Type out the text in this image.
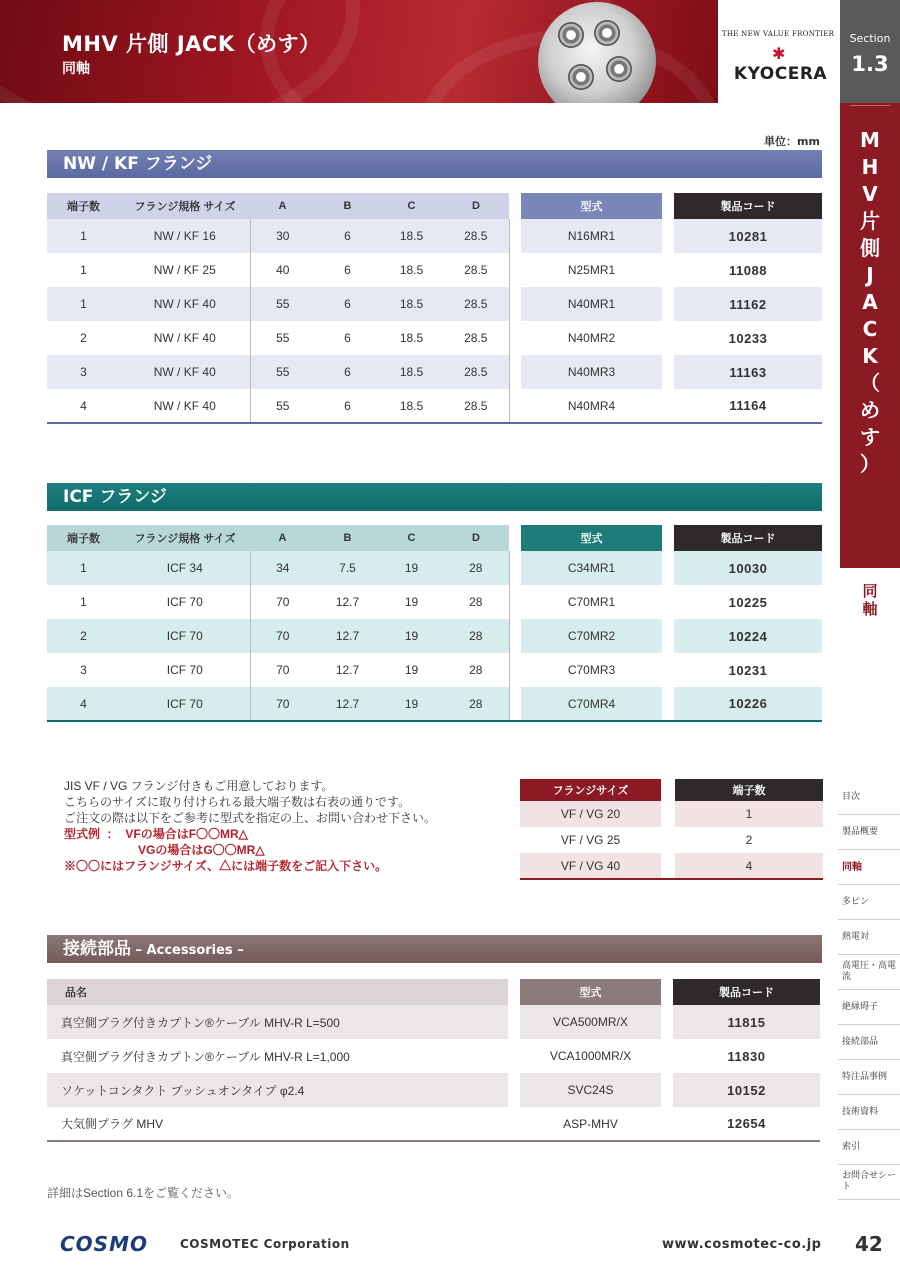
MHV 片側 JACK（めす）
同軸
THE NEW VALUE FRONTIER
✱KYOCERA
Section
1.3
M
H
V
片
側
J
A
C
K
（
め
す
）
同
軸
目次
製品概要
同軸
多ピン
熱電対
高電圧・高電流
絶縁碍子
接続部品
特注品事例
技術資料
索引
お問合せシート
単位：mm
NW / KF フランジ
端子数	フランジ規格 サイズ	A	B	C	D		型式		製品コード
1	NW / KF 16	30	6	18.5	28.5		N16MR1		10281
1	NW / KF 25	40	6	18.5	28.5		N25MR1		11088
1	NW / KF 40	55	6	18.5	28.5		N40MR1		11162
2	NW / KF 40	55	6	18.5	28.5		N40MR2		10233
3	NW / KF 40	55	6	18.5	28.5		N40MR3		11163
4	NW / KF 40	55	6	18.5	28.5		N40MR4		11164
ICF フランジ
端子数	フランジ規格 サイズ	A	B	C	D		型式		製品コード
1	ICF 34	34	7.5	19	28		C34MR1		10030
1	ICF 70	70	12.7	19	28		C70MR1		10225
2	ICF 70	70	12.7	19	28		C70MR2		10224
3	ICF 70	70	12.7	19	28		C70MR3		10231
4	ICF 70	70	12.7	19	28		C70MR4		10226
JIS VF / VG フランジ付きもご用意しております。
こちらのサイズに取り付けられる最大端子数は右表の通りです。
ご注文の際は以下をご参考に型式を指定の上、お問い合わせ下さい。
型式例  ：  VFの場合はF〇〇MR△
VGの場合はG〇〇MR△
※〇〇にはフランジサイズ、△には端子数をご記入下さい。
フランジサイズ		端子数
VF / VG 20		1
VF / VG 25		2
VF / VG 40		4
接続部品 – Accessories –
品名		型式		製品コード
真空側プラグ付きカプトン®ケーブル MHV-R L=500		VCA500MR/X		11815
真空側プラグ付きカプトン®ケーブル MHV-R L=1,000		VCA1000MR/X		11830
ソケットコンタクト プッシュオンタイプ φ2.4		SVC24S		10152
大気側プラグ MHV		ASP-MHV		12654
詳細はSection 6.1をご覧ください。
COSMO	COSMOTEC Corporation	www.cosmotec-co.jp 42
